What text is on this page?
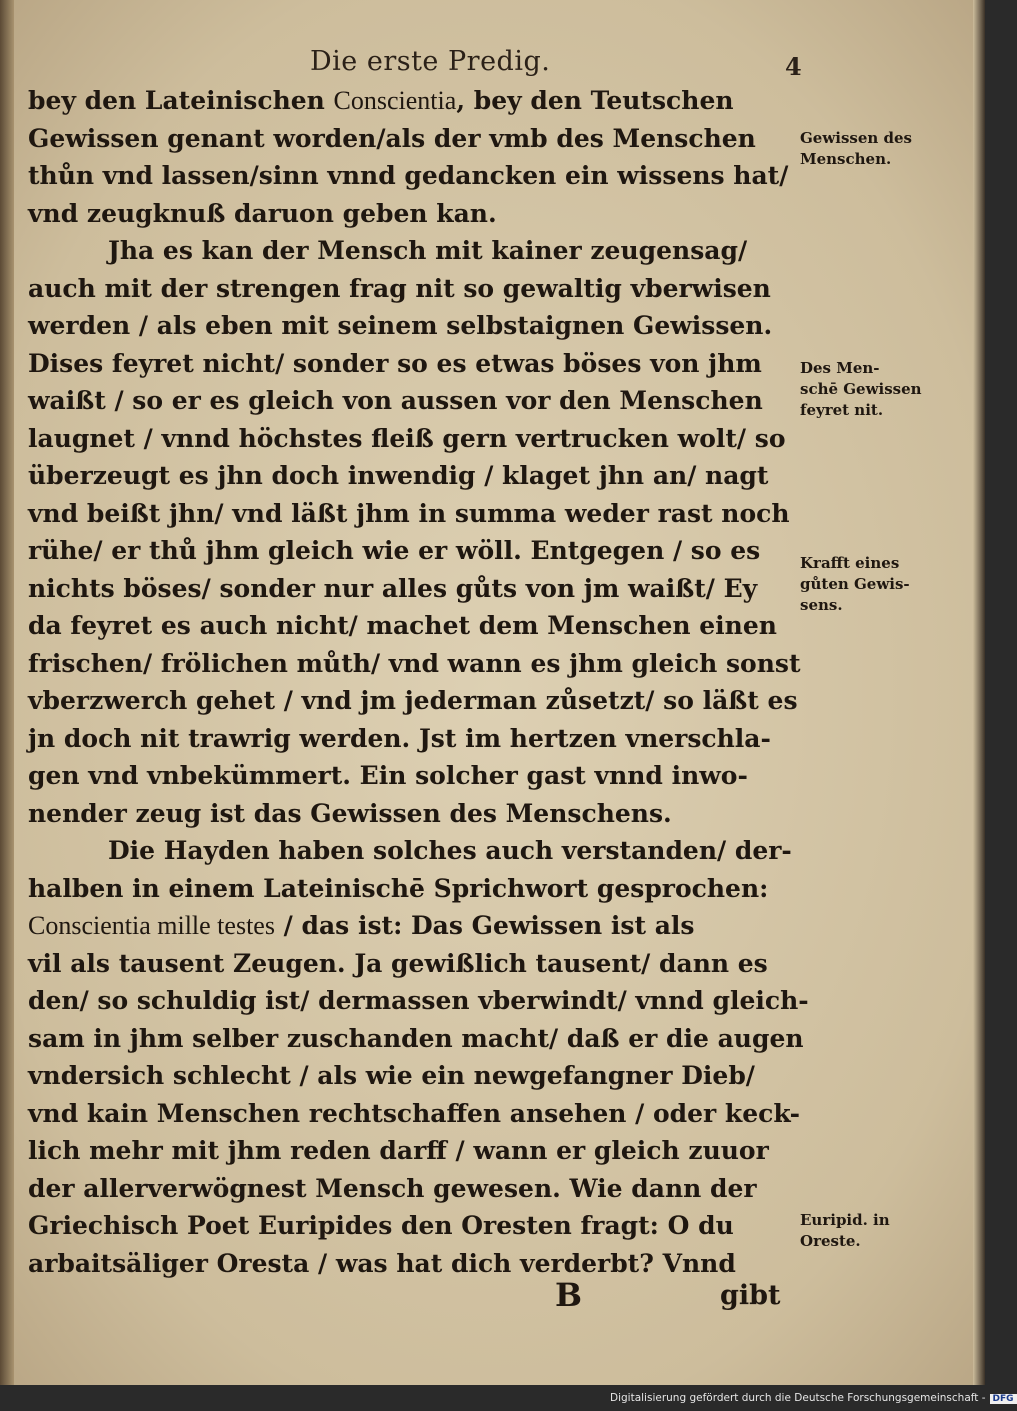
Die erste Predig.	4
bey den Lateinischen Conscientia, bey den Teutschen
Gewissen genant worden/als der vmb des Menschen
thůn vnd lassen/sinn vnnd gedancken ein wissens hat/
vnd zeugknuß daruon geben kan.
Jha es kan der Mensch mit kainer zeugensag/
auch mit der strengen frag nit so gewaltig vberwisen
werden / als eben mit seinem selbstaignen Gewissen.
Dises feyret nicht/ sonder so es etwas böses von jhm
waißt / so er es gleich von aussen vor den Menschen
laugnet / vnnd höchstes fleiß gern vertrucken wolt/ so
überzeugt es jhn doch inwendig / klaget jhn an/ nagt
vnd beißt jhn/ vnd läßt jhm in summa weder rast noch
rühe/ er thů jhm gleich wie er wöll. Entgegen / so es
nichts böses/ sonder nur alles gůts von jm waißt/ Ey
da feyret es auch nicht/ machet dem Menschen einen
frischen/ frölichen můth/ vnd wann es jhm gleich sonst
vberzwerch gehet / vnd jm jederman zůsetzt/ so läßt es
jn doch nit trawrig werden. Jst im hertzen vnerschla-
gen vnd vnbekümmert. Ein solcher gast vnnd inwo-
nender zeug ist das Gewissen des Menschens.
Die Hayden haben solches auch verstanden/ der-
halben in einem Lateinischē Sprichwort gesprochen:
Conscientia mille testes / das ist: Das Gewissen ist als
vil als tausent Zeugen. Ja gewißlich tausent/ dann es
den/ so schuldig ist/ dermassen vberwindt/ vnnd gleich-
sam in jhm selber zuschanden macht/ daß er die augen
vndersich schlecht / als wie ein newgefangner Dieb/
vnd kain Menschen rechtschaffen ansehen / oder keck-
lich mehr mit jhm reden darff / wann er gleich zuuor
der allerverwögnest Mensch gewesen. Wie dann der
Griechisch Poet Euripides den Oresten fragt: O du
arbaitsäliger Oresta / was hat dich verderbt? Vnnd
Gewissen des
Menschen.
Des Men-
schē Gewissen
feyret nit.
Krafft eines
gůten Gewis-
sens.
Euripid. in
Oreste.
B	gibt
Digitalisierung gefördert durch die Deutsche Forschungsgemeinschaft - DFG
